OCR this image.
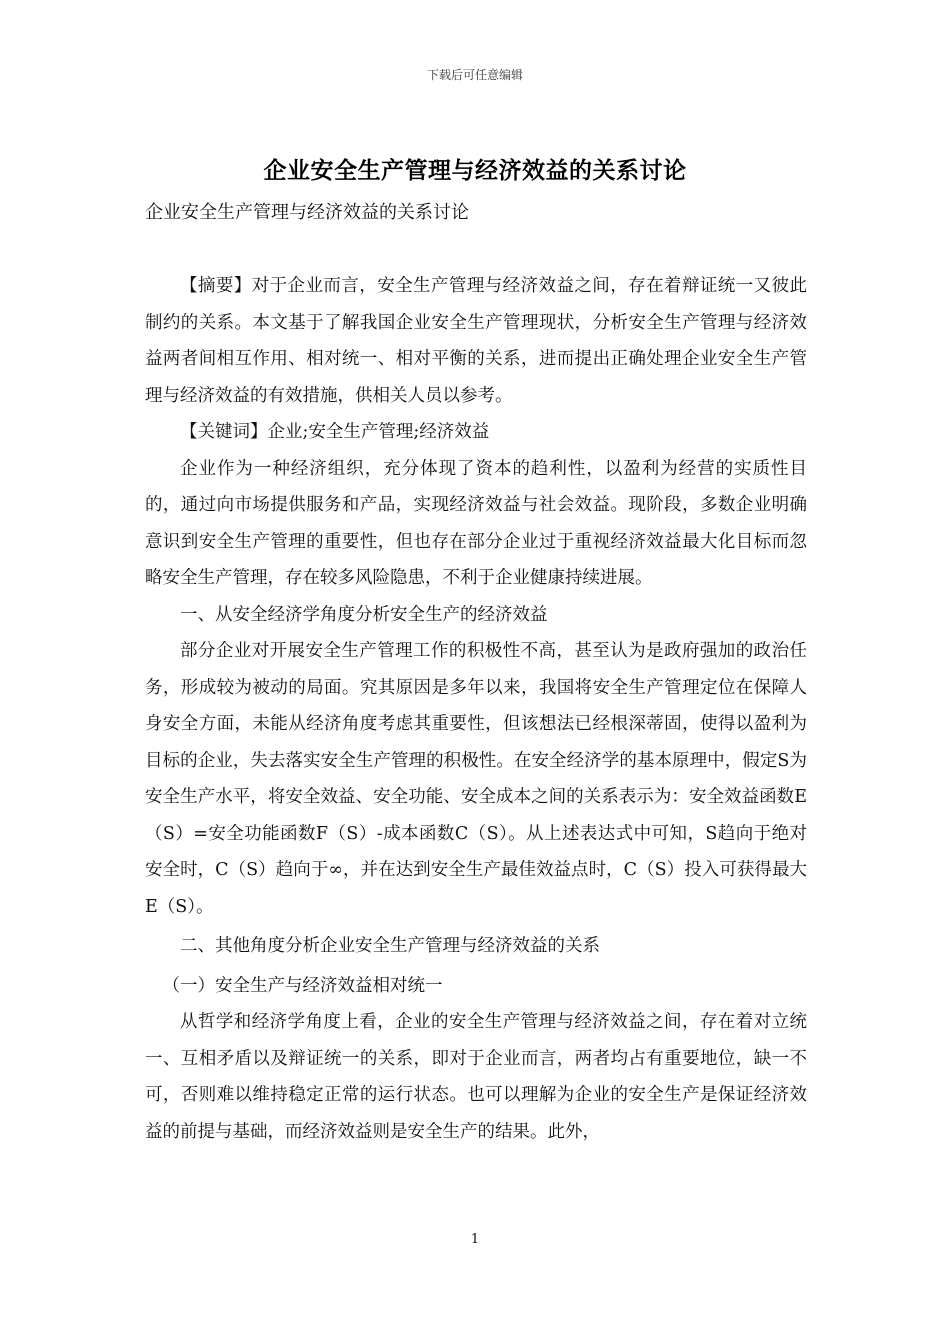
下载后可任意编辑
企业安全生产管理与经济效益的关系讨论
企业安全生产管理与经济效益的关系讨论

【摘要】对于企业而言，安全生产管理与经济效益之间，存在着辩证统一又彼此制约的关系。本文基于了解我国企业安全生产管理现状，分析安全生产管理与经济效益两者间相互作用、相对统一、相对平衡的关系，进而提出正确处理企业安全生产管理与经济效益的有效措施，供相关人员以参考。

【关键词】企业;安全生产管理;经济效益

企业作为一种经济组织，充分体现了资本的趋利性，以盈利为经营的实质性目的，通过向市场提供服务和产品，实现经济效益与社会效益。现阶段，多数企业明确意识到安全生产管理的重要性，但也存在部分企业过于重视经济效益最大化目标而忽略安全生产管理，存在较多风险隐患，不利于企业健康持续进展。

一、从安全经济学角度分析安全生产的经济效益

部分企业对开展安全生产管理工作的积极性不高，甚至认为是政府强加的政治任务，形成较为被动的局面。究其原因是多年以来，我国将安全生产管理定位在保障人身安全方面，未能从经济角度考虑其重要性，但该想法已经根深蒂固，使得以盈利为目标的企业，失去落实安全生产管理的积极性。在安全经济学的基本原理中，假定S为安全生产水平，将安全效益、安全功能、安全成本之间的关系表示为：安全效益函数E（S）=安全功能函数F（S）-成本函数C（S）。从上述表达式中可知，S趋向于绝对安全时，C（S）趋向于∞，并在达到安全生产最佳效益点时，C（S）投入可获得最大E（S）。

二、其他角度分析企业安全生产管理与经济效益的关系

（一）安全生产与经济效益相对统一

从哲学和经济学角度上看，企业的安全生产管理与经济效益之间，存在着对立统一、互相矛盾以及辩证统一的关系，即对于企业而言，两者均占有重要地位，缺一不可，否则难以维持稳定正常的运行状态。也可以理解为企业的安全生产是保证经济效益的前提与基础，而经济效益则是安全生产的结果。此外，

1
